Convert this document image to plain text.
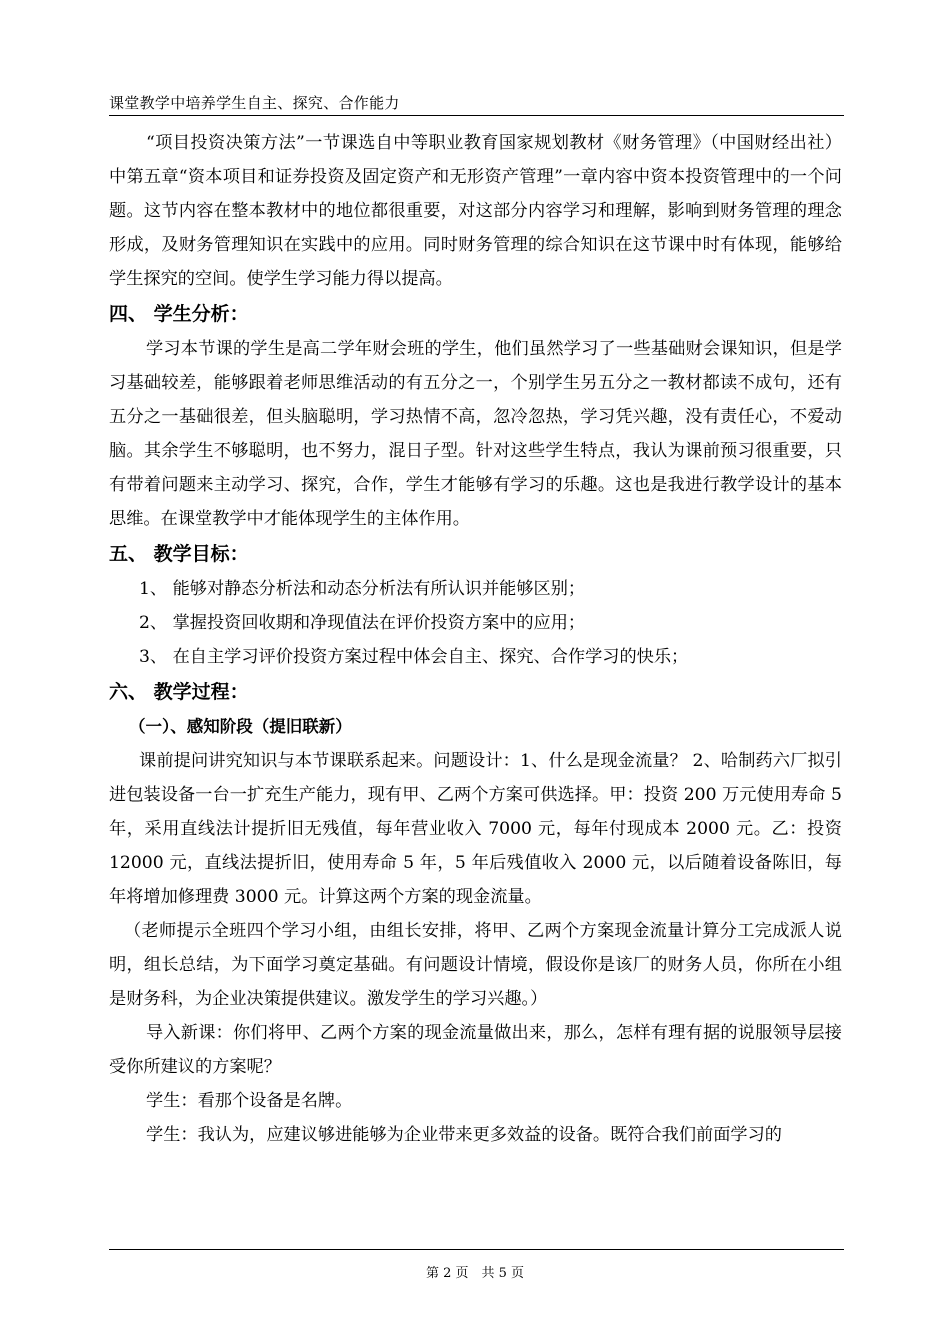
课堂教学中培养学生自主、探究、合作能力

“项目投资决策方法”一节课选自中等职业教育国家规划教材《财务管理》（中国财经出社）中第五章“资本项目和证券投资及固定资产和无形资产管理”一章内容中资本投资管理中的一个问题。这节内容在整本教材中的地位都很重要，对这部分内容学习和理解，影响到财务管理的理念形成，及财务管理知识在实践中的应用。同时财务管理的综合知识在这节课中时有体现，能够给学生探究的空间。使学生学习能力得以提高。

四、 学生分析：

学习本节课的学生是高二学年财会班的学生，他们虽然学习了一些基础财会课知识，但是学习基础较差，能够跟着老师思维活动的有五分之一，个别学生另五分之一教材都读不成句，还有五分之一基础很差，但头脑聪明，学习热情不高，忽冷忽热，学习凭兴趣，没有责任心，不爱动脑。其余学生不够聪明，也不努力，混日子型。针对这些学生特点，我认为课前预习很重要，只有带着问题来主动学习、探究，合作，学生才能够有学习的乐趣。这也是我进行教学设计的基本思维。在课堂教学中才能体现学生的主体作用。

五、 教学目标：

1、 能够对静态分析法和动态分析法有所认识并能够区别；

2、 掌握投资回收期和净现值法在评价投资方案中的应用；

3、 在自主学习评价投资方案过程中体会自主、探究、合作学习的快乐；

六、 教学过程：

（一）、感知阶段（提旧联新）

课前提问讲究知识与本节课联系起来。问题设计：1、什么是现金流量？ 2、哈制药六厂拟引进包装设备一台一扩充生产能力，现有甲、乙两个方案可供选择。甲：投资 200 万元使用寿命 5 年，采用直线法计提折旧无残值，每年营业收入 7000 元，每年付现成本 2000 元。乙：投资 12000 元，直线法提折旧，使用寿命 5 年，5 年后残值收入 2000 元，以后随着设备陈旧，每年将增加修理费 3000 元。计算这两个方案的现金流量。

（老师提示全班四个学习小组，由组长安排，将甲、乙两个方案现金流量计算分工完成派人说明，组长总结，为下面学习奠定基础。有问题设计情境，假设你是该厂的财务人员，你所在小组是财务科，为企业决策提供建议。激发学生的学习兴趣。）

导入新课：你们将甲、乙两个方案的现金流量做出来，那么，怎样有理有据的说服领导层接受你所建议的方案呢？

学生：看那个设备是名牌。

学生：我认为，应建议够进能够为企业带来更多效益的设备。既符合我们前面学习的

第 2 页　共 5 页
